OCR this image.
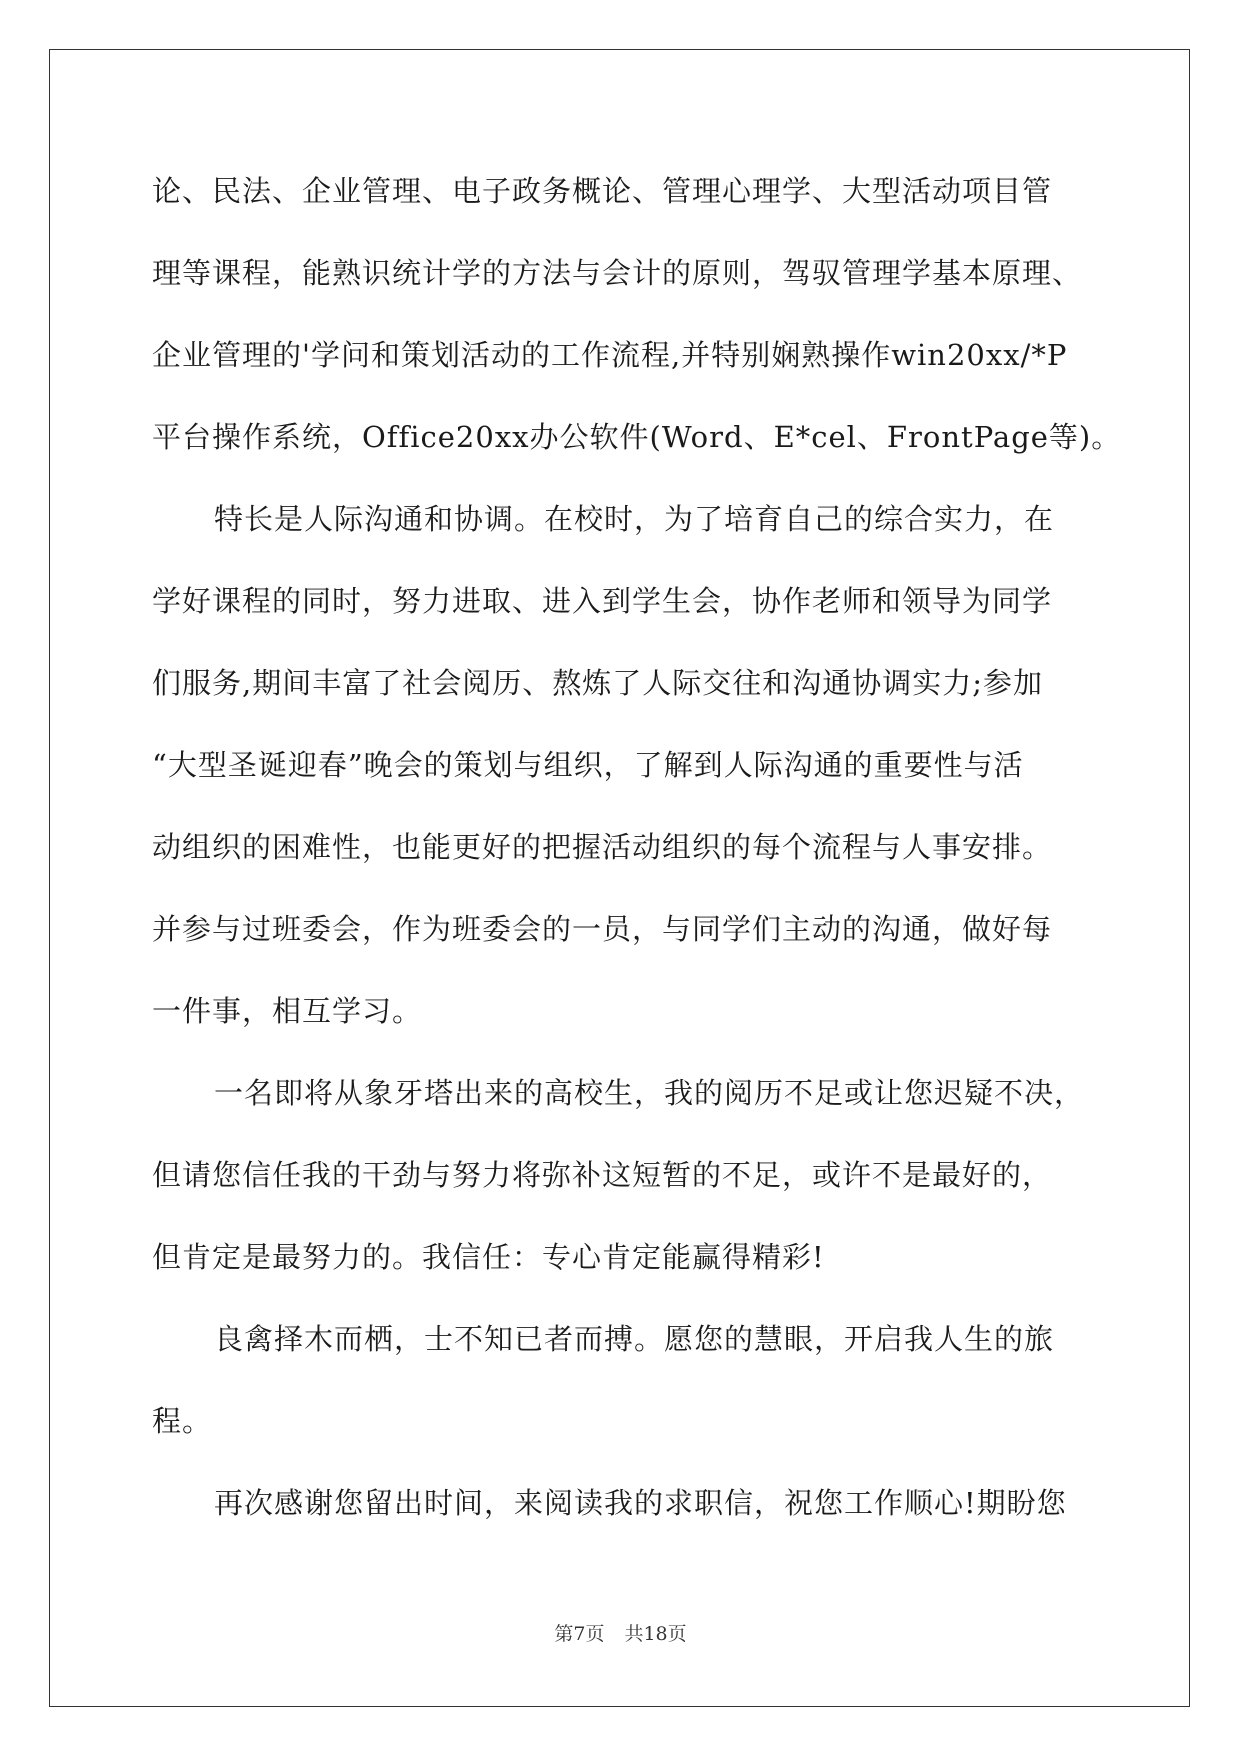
论、民法、企业管理、电子政务概论、管理心理学、大型活动项目管
理等课程，能熟识统计学的方法与会计的原则，驾驭管理学基本原理、
企业管理的'学问和策划活动的工作流程,并特别娴熟操作win20xx/*P
平台操作系统，Office20xx办公软件(Word、E*cel、FrontPage等)。
特长是人际沟通和协调。在校时，为了培育自己的综合实力，在
学好课程的同时，努力进取、进入到学生会，协作老师和领导为同学
们服务,期间丰富了社会阅历、熬炼了人际交往和沟通协调实力;参加
“大型圣诞迎春”晚会的策划与组织，了解到人际沟通的重要性与活
动组织的困难性，也能更好的把握活动组织的每个流程与人事安排。
并参与过班委会，作为班委会的一员，与同学们主动的沟通，做好每
一件事，相互学习。
一名即将从象牙塔出来的高校生，我的阅历不足或让您迟疑不决，
但请您信任我的干劲与努力将弥补这短暂的不足，或许不是最好的，
但肯定是最努力的。我信任：专心肯定能赢得精彩!
良禽择木而栖，士不知已者而搏。愿您的慧眼，开启我人生的旅
程。
再次感谢您留出时间，来阅读我的求职信，祝您工作顺心!期盼您
第7页 共18页
